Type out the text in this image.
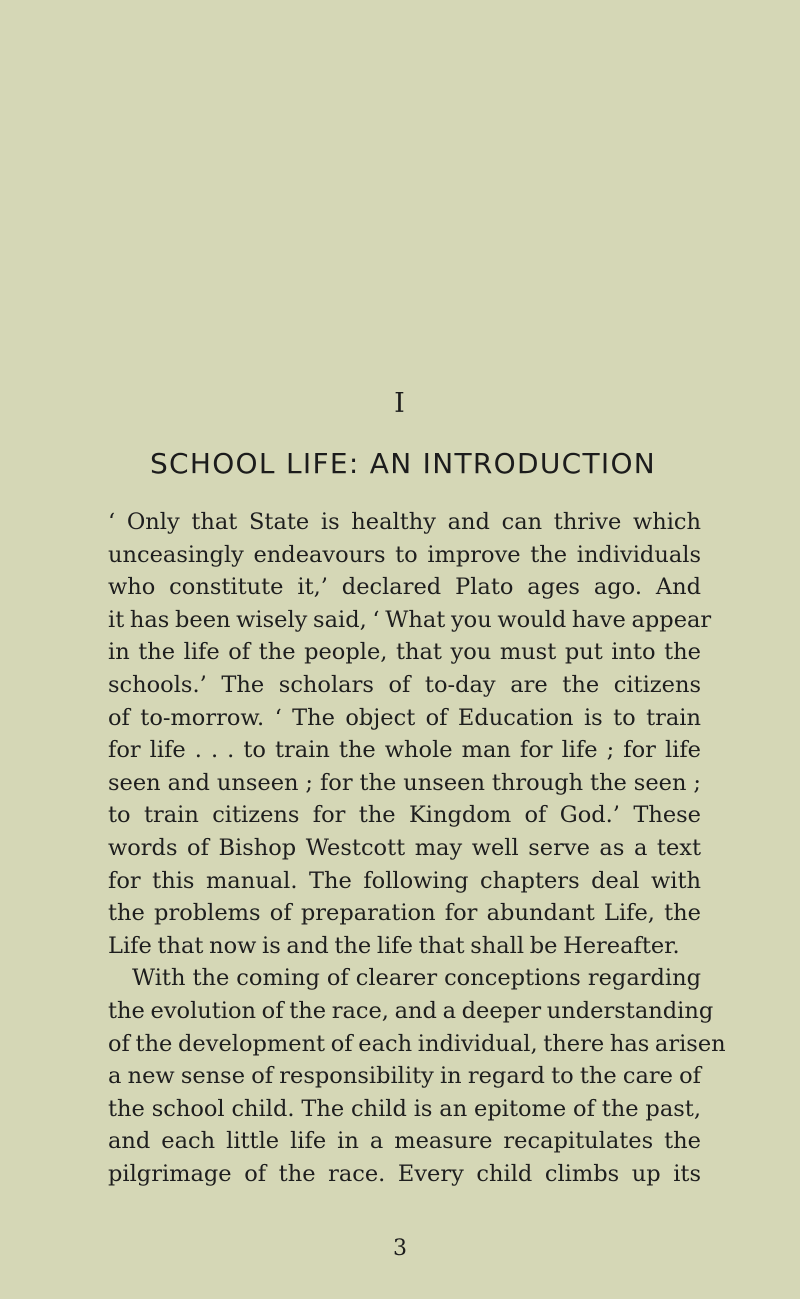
I
SCHOOL LIFE: AN INTRODUCTION
‘ Only that State is healthy and can thrive which
unceasingly endeavours to improve the individuals
who constitute it,’ declared Plato ages ago. And
it has been wisely said, ‘ What you would have appear
in the life of the people, that you must put into the
schools.’ The scholars of to-day are the citizens
of to-morrow. ‘ The object of Education is to train
for life . . . to train the whole man for life ; for life
seen and unseen ; for the unseen through the seen ;
to train citizens for the Kingdom of God.’ These
words of Bishop Westcott may well serve as a text
for this manual. The following chapters deal with
the problems of preparation for abundant Life, the
Life that now is and the life that shall be Hereafter.
With the coming of clearer conceptions regarding
the evolution of the race, and a deeper understanding
of the development of each individual, there has arisen
a new sense of responsibility in regard to the care of
the school child. The child is an epitome of the past,
and each little life in a measure recapitulates the
pilgrimage of the race. Every child climbs up its
3
